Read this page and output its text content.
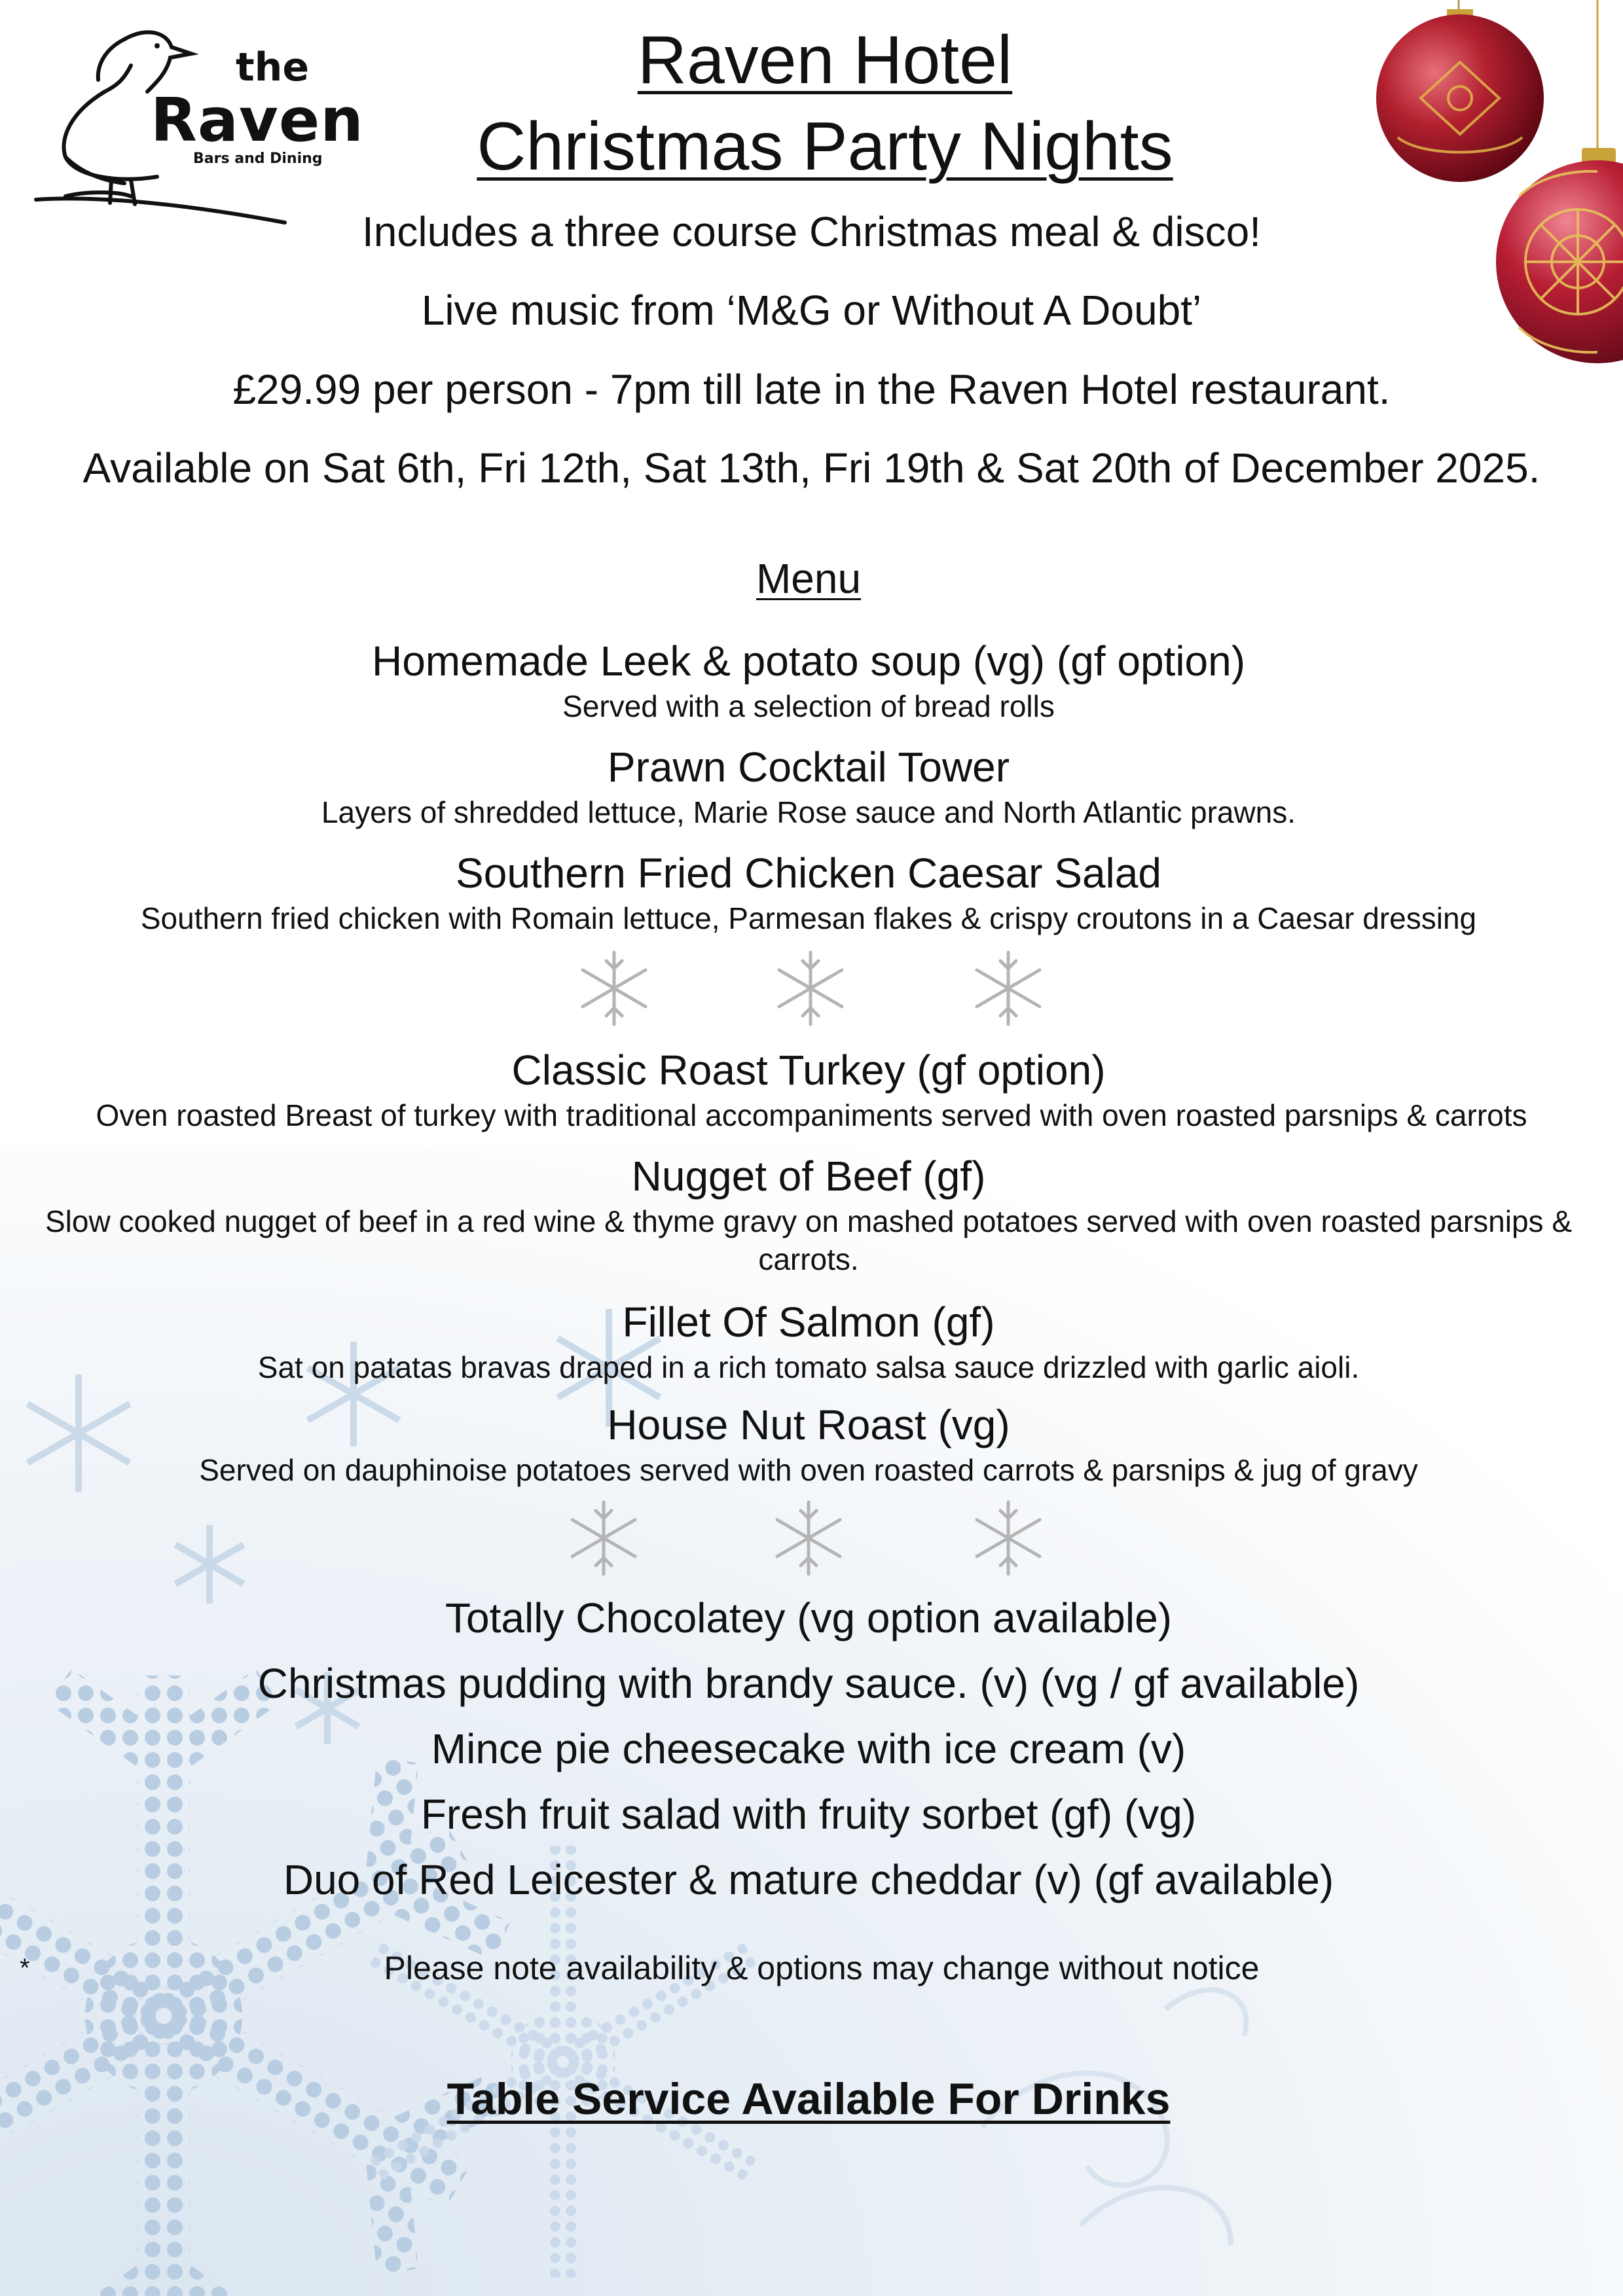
the
Raven
Bars and Dining
Raven Hotel
Christmas Party Nights
Includes a three course Christmas meal & disco!
Live music from ‘M&G or Without A Doubt’
£29.99 per person - 7pm till late in the Raven Hotel restaurant.
Available on Sat 6th, Fri 12th, Sat 13th, Fri 19th & Sat 20th of December 2025.
Menu
Homemade Leek & potato soup (vg) (gf option)
Served with a selection of bread rolls
Prawn Cocktail Tower
Layers of shredded lettuce, Marie Rose sauce and North Atlantic prawns.
Southern Fried Chicken Caesar Salad
Southern fried chicken with Romain lettuce, Parmesan flakes & crispy croutons in a Caesar dressing
Classic Roast Turkey (gf option)
Oven roasted Breast of turkey with traditional accompaniments served with oven roasted parsnips & carrots
Nugget of Beef (gf)
Slow cooked nugget of beef in a red wine & thyme gravy on mashed potatoes served with oven roasted parsnips & carrots.
Fillet Of Salmon (gf)
Sat on patatas bravas draped in a rich tomato salsa sauce drizzled with garlic aioli.
House Nut Roast (vg)
Served on dauphinoise potatoes served with oven roasted carrots & parsnips & jug of gravy
Totally Chocolatey (vg option available)
Christmas pudding with brandy sauce. (v) (vg / gf available)
Mince pie cheesecake with ice cream (v)
Fresh fruit salad with fruity sorbet (gf) (vg)
Duo of Red Leicester & mature cheddar (v) (gf available)
*	Please note availability & options may change without notice
Table Service Available For Drinks
